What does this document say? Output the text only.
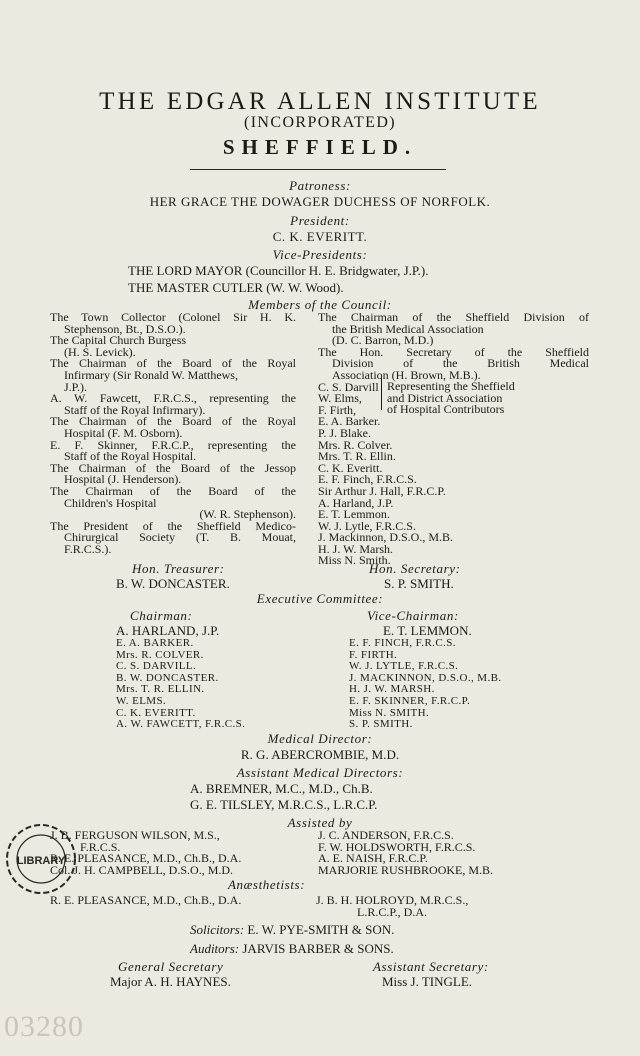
THE EDGAR ALLEN INSTITUTE
(INCORPORATED)
SHEFFIELD.
Patroness:
HER GRACE THE DOWAGER DUCHESS OF NORFOLK.
President:
C. K. EVERITT.
Vice-Presidents:
THE LORD MAYOR (Councillor H. E. Bridgwater, J.P.).
THE MASTER CUTLER (W. W. Wood).
Members of the Council:
The Town Collector (Colonel Sir H. K.
Stephenson, Bt., D.S.O.).
The Capital Church Burgess
(H. S. Levick).
The Chairman of the Board of the Royal
Infirmary (Sir Ronald W. Matthews,
J.P.).
A. W. Fawcett, F.R.C.S., representing the
Staff of the Royal Infirmary).
The Chairman of the Board of the Royal
Hospital (F. M. Osborn).
E. F. Skinner, F.R.C.P., representing the
Staff of the Royal Hospital.
The Chairman of the Board of the Jessop
Hospital (J. Henderson).
The Chairman of the Board of the
Children's Hospital
(W. R. Stephenson).
The President of the Sheffield Medico-
Chirurgical Society (T. B. Mouat,
F.R.C.S.).
The Chairman of the Sheffield Division of
the British Medical Association
(D. C. Barron, M.D.)
The Hon. Secretary of the Sheffield
Division of the British Medical
Association (H. Brown, M.B.).
C. S. Darvill
W. Elms,
F. Firth,
E. A. Barker.
P. J. Blake.
Mrs. R. Colver.
Mrs. T. R. Ellin.
C. K. Everitt.
E. F. Finch, F.R.C.S.
Sir Arthur J. Hall, F.R.C.P.
A. Harland, J.P.
E. T. Lemmon.
W. J. Lytle, F.R.C.S.
J. Mackinnon, D.S.O., M.B.
H. J. W. Marsh.
Miss N. Smith.
Representing the Sheffield
and District Association
of Hospital Contributors
Hon. Treasurer:
B. W. DONCASTER.
Hon. Secretary:
S. P. SMITH.
Executive Committee:
Chairman:
A. HARLAND, J.P.
Vice-Chairman:
E. T. LEMMON.
E. A. BARKER.
Mrs. R. COLVER.
C. S. DARVILL.
B. W. DONCASTER.
Mrs. T. R. ELLIN.
W. ELMS.
C. K. EVERITT.
A. W. FAWCETT, F.R.C.S.
E. F. FINCH, F.R.C.S.
F. FIRTH.
W. J. LYTLE, F.R.C.S.
J. MACKINNON, D.S.O., M.B.
H. J. W. MARSH.
E. F. SKINNER, F.R.C.P.
Miss N. SMITH.
S. P. SMITH.
Medical Director:
R. G. ABERCROMBIE, M.D.
Assistant Medical Directors:
A. BREMNER, M.C., M.D., Ch.B.
G. E. TILSLEY, M.R.C.S., L.R.C.P.
Assisted by
J. B. FERGUSON WILSON, M.S.,
F.R.C.S.
R. E. PLEASANCE, M.D., Ch.B., D.A.
Col. J. H. CAMPBELL, D.S.O., M.D.
J. C. ANDERSON, F.R.C.S.
F. W. HOLDSWORTH, F.R.C.S.
A. E. NAISH, F.R.C.P.
MARJORIE RUSHBROOKE, M.B.
Anæsthetists:
R. E. PLEASANCE, M.D., Ch.B., D.A.	J. B. H. HOLROYD, M.R.C.S.,
L.R.C.P., D.A.
Solicitors: E. W. PYE-SMITH & SON.
Auditors: JARVIS BARBER & SONS.
General Secretary
Major A. H. HAYNES.
Assistant Secretary:
Miss J. TINGLE.
LIBRARY
03280
